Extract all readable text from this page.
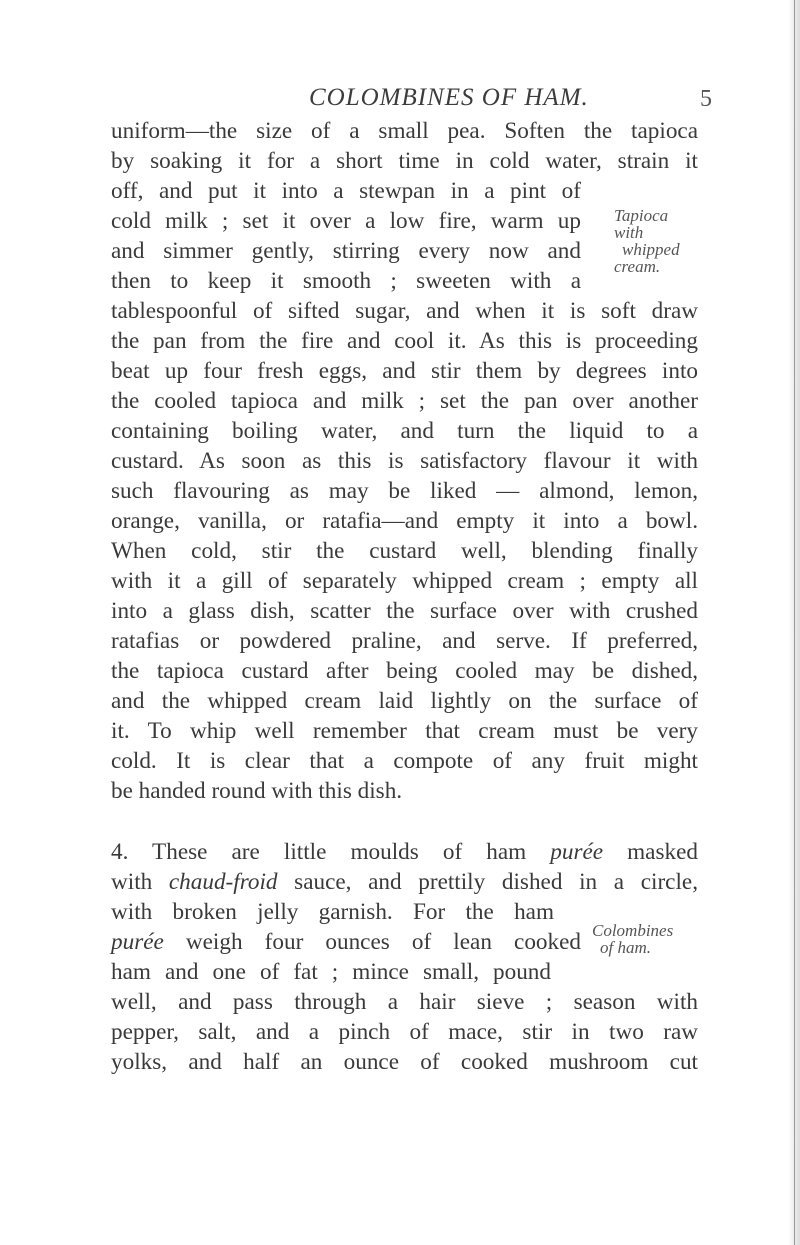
COLOMBINES OF HAM.	5
uniform—the size of a small pea. Soften the tapioca
by soaking it for a short time in cold water, strain it
off, and put it into a stewpan in a pint of
cold milk ; set it over a low fire, warm up
and simmer gently, stirring every now and
then to keep it smooth ; sweeten with a
tablespoonful of sifted sugar, and when it is soft draw
the pan from the fire and cool it. As this is proceeding
beat up four fresh eggs, and stir them by degrees into
the cooled tapioca and milk ; set the pan over another
containing boiling water, and turn the liquid to a
custard. As soon as this is satisfactory flavour it with
such flavouring as may be liked — almond, lemon,
orange, vanilla, or ratafia—and empty it into a bowl.
When cold, stir the custard well, blending finally
with it a gill of separately whipped cream ; empty all
into a glass dish, scatter the surface over with crushed
ratafias or powdered praline, and serve. If preferred,
the tapioca custard after being cooled may be dished,
and the whipped cream laid lightly on the surface of
it. To whip well remember that cream must be very
cold. It is clear that a compote of any fruit might
be handed round with this dish.
Tapioca with
whipped
cream.
4. These are little moulds of ham purée masked
with chaud-froid sauce, and prettily dished in a circle,
with broken jelly garnish. For the ham
purée weigh four ounces of lean cooked
ham and one of fat ; mince small, pound
well, and pass through a hair sieve ; season with
pepper, salt, and a pinch of mace, stir in two raw
yolks, and half an ounce of cooked mushroom cut
Colombines
of ham.
